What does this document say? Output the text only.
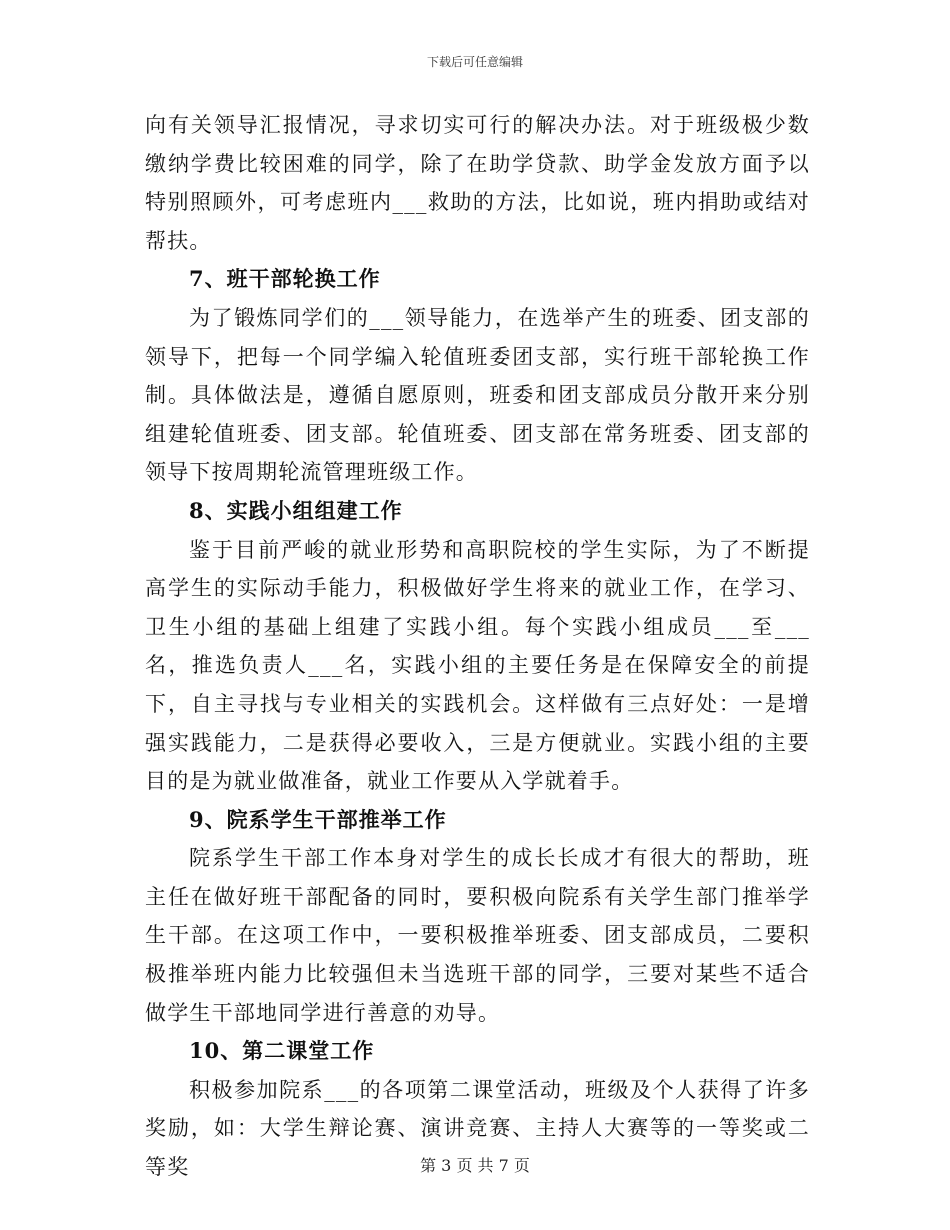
下载后可任意编辑

向有关领导汇报情况，寻求切实可行的解决办法。对于班级极少数缴纳学费比较困难的同学，除了在助学贷款、助学金发放方面予以特别照顾外，可考虑班内___救助的方法，比如说，班内捐助或结对帮扶。

7、班干部轮换工作

为了锻炼同学们的___领导能力，在选举产生的班委、团支部的领导下，把每一个同学编入轮值班委团支部，实行班干部轮换工作制。具体做法是，遵循自愿原则，班委和团支部成员分散开来分别组建轮值班委、团支部。轮值班委、团支部在常务班委、团支部的领导下按周期轮流管理班级工作。

8、实践小组组建工作

鉴于目前严峻的就业形势和高职院校的学生实际，为了不断提高学生的实际动手能力，积极做好学生将来的就业工作，在学习、卫生小组的基础上组建了实践小组。每个实践小组成员___至___名，推选负责人___名，实践小组的主要任务是在保障安全的前提下，自主寻找与专业相关的实践机会。这样做有三点好处：一是增强实践能力，二是获得必要收入，三是方便就业。实践小组的主要目的是为就业做准备，就业工作要从入学就着手。

9、院系学生干部推举工作

院系学生干部工作本身对学生的成长长成才有很大的帮助，班主任在做好班干部配备的同时，要积极向院系有关学生部门推举学生干部。在这项工作中，一要积极推举班委、团支部成员，二要积极推举班内能力比较强但未当选班干部的同学，三要对某些不适合做学生干部地同学进行善意的劝导。

10、第二课堂工作

积极参加院系___的各项第二课堂活动，班级及个人获得了许多奖励，如：大学生辩论赛、演讲竞赛、主持人大赛等的一等奖或二等奖	第 3 页 共 7 页
